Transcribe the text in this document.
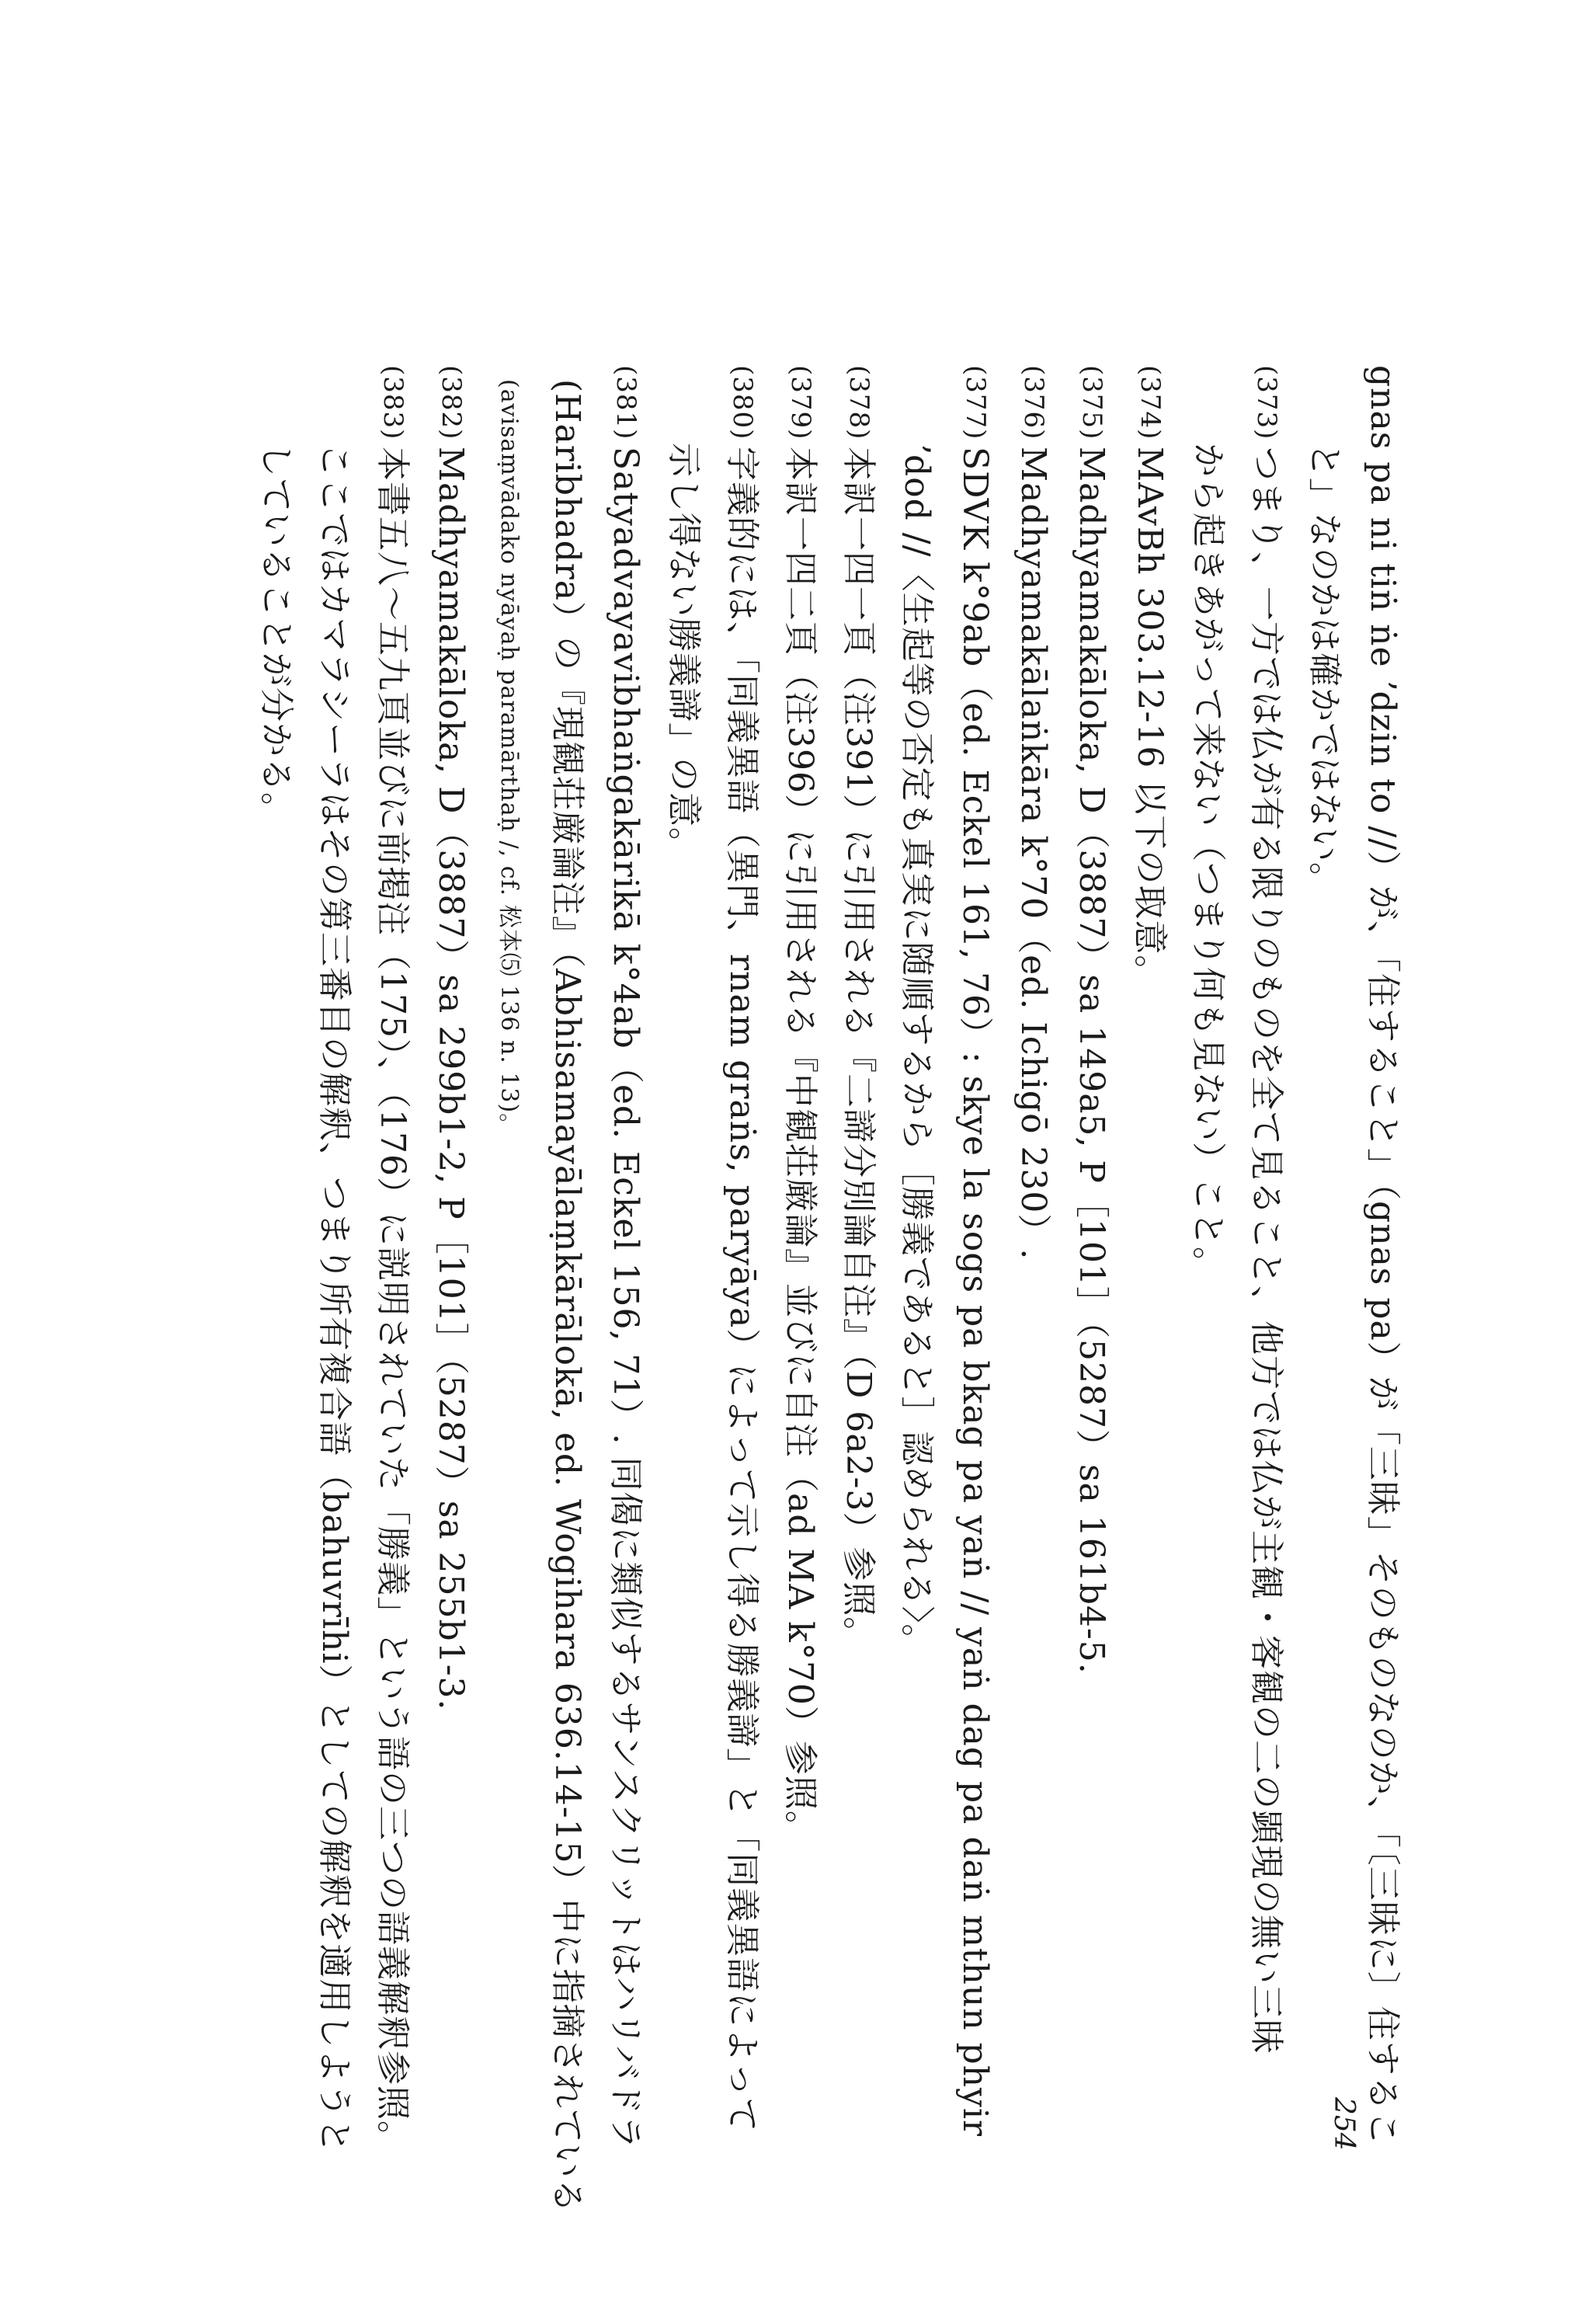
gnas pa ni tiṅ ṅe ʼdzin to //）が、「住すること」（gnas pa）が「三昧」そのものなのか、「〔三昧に〕住するこ
と」なのかは確かではない。
(373)
つまり、一方では仏が有る限りのものを全て見ること、他方では仏が主観・客観の二の顕現の無い三昧
から起きあがって来ない（つまり何も見ない）こと。
(374)
MAvBh 303.12-16 以下の取意。
(375)
Madhyamakāloka, D（3887）sa 149a5, P［101］（5287）sa 161b4-5.
(376)
Madhyamakālaṅkāra k°70（ed. Ichigō 230）.
(377)
SDVK k°9ab（ed. Eckel 161, 76）: skye la sogs pa bkag pa yaṅ // yaṅ dag pa daṅ mthun phyir
ʼdod //〈生起等の否定も真実に随順するから［勝義であると］認められる〉。
(378)
本訳一四一頁（注391）に引用される『二諦分別論自注』（D 6a2-3）参照。
(379)
本訳一四二頁（注396）に引用される『中観荘厳論』並びに自注（ad MA k°70）参照。
(380)
字義的には、「同義異語（異門、rnam graṅs, paryāya）によって示し得る勝義諦」と「同義異語によって
示し得ない勝義諦」の意。
(381)
Satyadvayavibhaṅgakārikā k°4ab（ed. Eckel 156, 71）. 同偈に類似するサンスクリットはハリバドラ
(Haribhadra）の『現観荘厳論注』（Abhisamayālaṃkārālokā, ed. Wogihara 636.14-15）中に指摘されている
(avisaṃvādako nyāyaḥ paramārthaḥ /, cf. 松本⑸ 136 n. 13)。
(382)
Madhyamakāloka, D（3887）sa 299b1-2, P［101］（5287）sa 255b1-3.
(383)
本書五八～五九頁並びに前掲注（175）、（176）に説明されていた「勝義」という語の三つの語義解釈参照。
ここではカマラシーラはその第三番目の解釈、つまり所有複合語（bahuvrīhi）としての解釈を適用しようと
していることが分かる。
254
